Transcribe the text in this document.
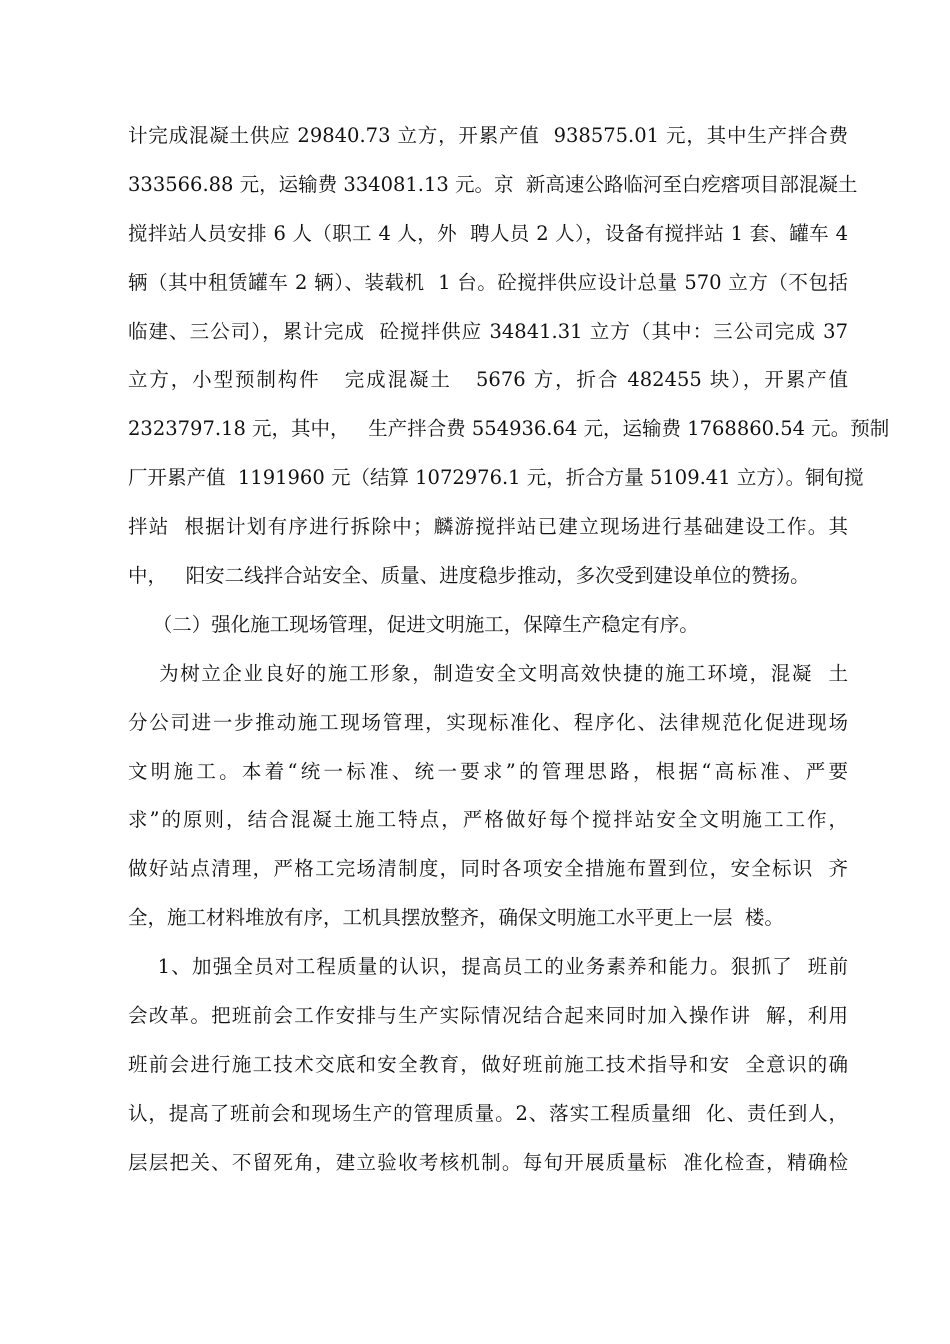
计完成混凝土供应 29840.73 立方，开累产值  938575.01 元，其中生产拌合费
333566.88 元，运输费 334081.13 元。京  新高速公路临河至白疙瘩项目部混凝土
搅拌站人员安排 6 人（职工 4 人，外  聘人员 2 人），设备有搅拌站 1 套、罐车 4
辆（其中租赁罐车 2 辆）、装载机  1 台。砼搅拌供应设计总量 570 立方（不包括
临建、三公司），累计完成  砼搅拌供应 34841.31 立方（其中：三公司完成 37
立方，小型预制构件   完成混凝土   5676 方，折合 482455 块），开累产值
2323797.18 元，其中，   生产拌合费 554936.64 元，运输费 1768860.54 元。预制
厂开累产值  1191960 元（结算 1072976.1 元，折合方量 5109.41 立方）。铜旬搅
拌站  根据计划有序进行拆除中；麟游搅拌站已建立现场进行基础建设工作。其
中，   阳安二线拌合站安全、质量、进度稳步推动，多次受到建设单位的赞扬。
（二）强化施工现场管理，促进文明施工，保障生产稳定有序。
为树立企业良好的施工形象，制造安全文明高效快捷的施工环境，混凝  土
分公司进一步推动施工现场管理，实现标准化、程序化、法律规范化促进现场
文明施工。本着“统一标准、统一要求”的管理思路，根据“高标准、严要
求”的原则，结合混凝土施工特点，严格做好每个搅拌站安全文明施工工作，
做好站点清理，严格工完场清制度，同时各项安全措施布置到位，安全标识  齐
全，施工材料堆放有序，工机具摆放整齐，确保文明施工水平更上一层  楼。
1、加强全员对工程质量的认识，提高员工的业务素养和能力。狠抓了  班前
会改革。把班前会工作安排与生产实际情况结合起来同时加入操作讲  解，利用
班前会进行施工技术交底和安全教育，做好班前施工技术指导和安  全意识的确
认，提高了班前会和现场生产的管理质量。2、落实工程质量细  化、责任到人，
层层把关、不留死角，建立验收考核机制。每旬开展质量标  准化检查，精确检
